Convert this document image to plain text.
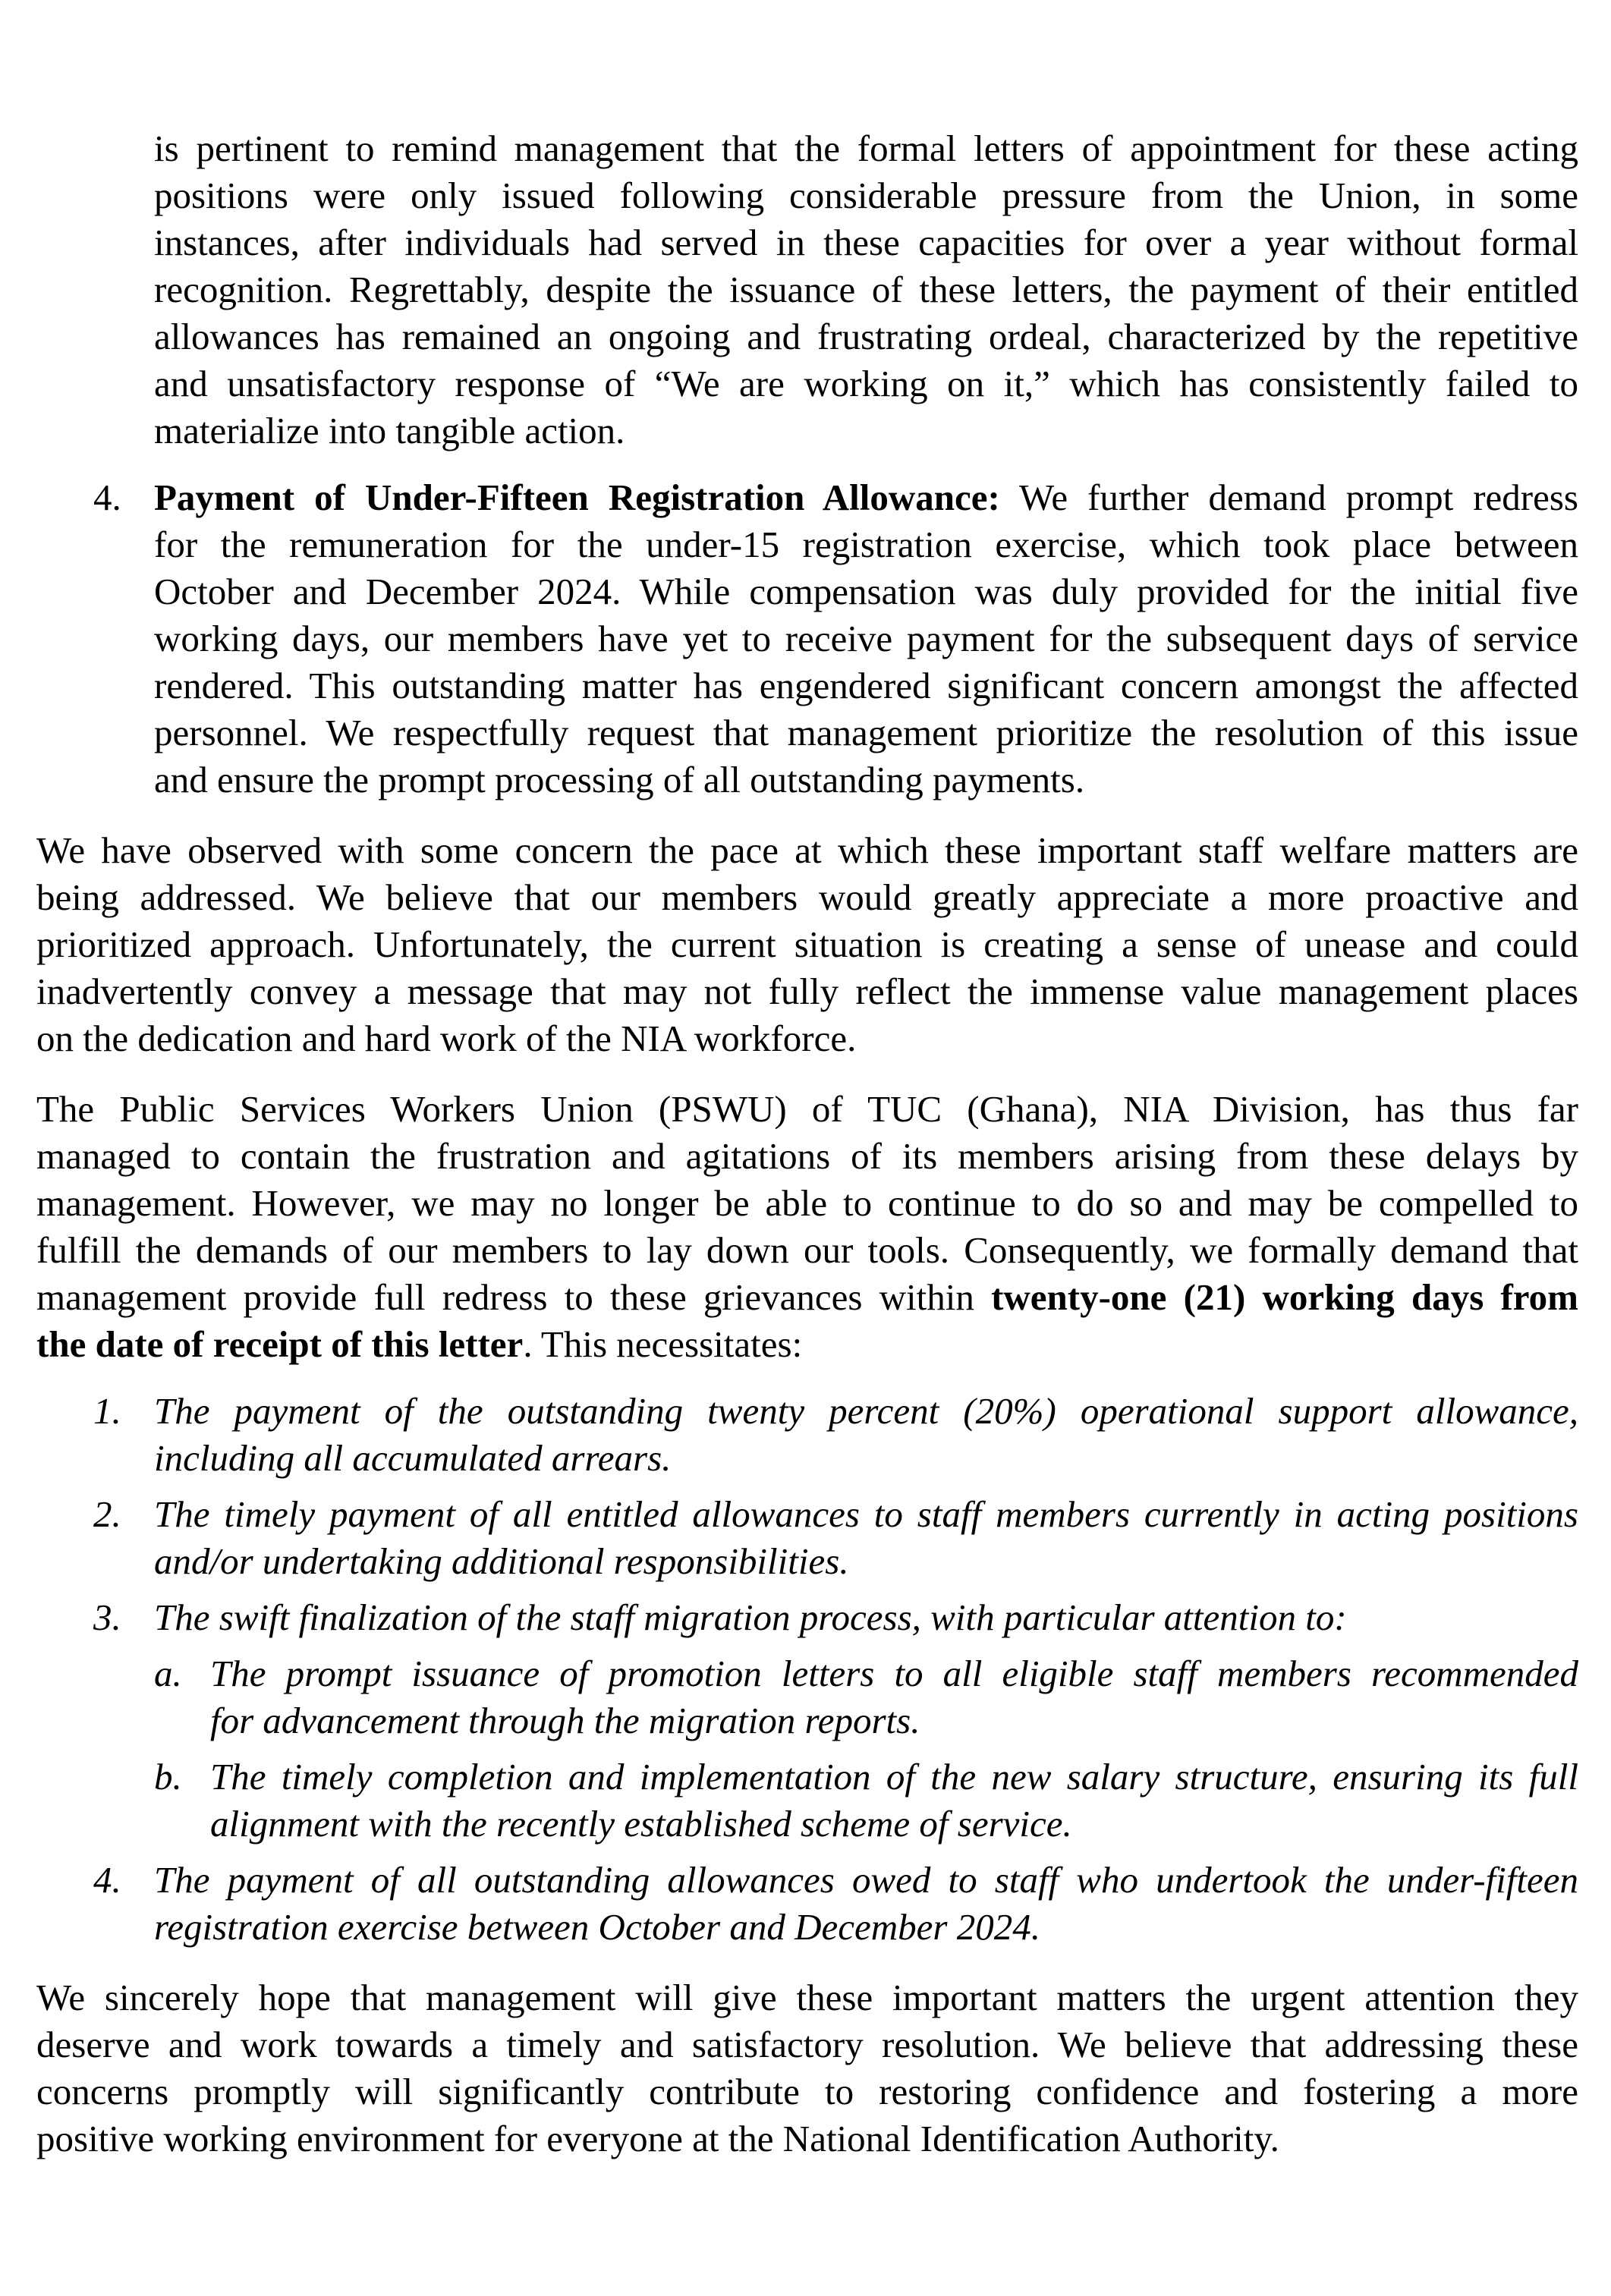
is pertinent to remind management that the formal letters of appointment for these acting
positions were only issued following considerable pressure from the Union, in some
instances, after individuals had served in these capacities for over a year without formal
recognition. Regrettably, despite the issuance of these letters, the payment of their entitled
allowances has remained an ongoing and frustrating ordeal, characterized by the repetitive
and unsatisfactory response of “We are working on it,” which has consistently failed to
materialize into tangible action.
4. Payment of Under-Fifteen Registration Allowance: We further demand prompt redress
for the remuneration for the under-15 registration exercise, which took place between
October and December 2024. While compensation was duly provided for the initial five
working days, our members have yet to receive payment for the subsequent days of service
rendered. This outstanding matter has engendered significant concern amongst the affected
personnel. We respectfully request that management prioritize the resolution of this issue
and ensure the prompt processing of all outstanding payments.
We have observed with some concern the pace at which these important staff welfare matters are
being addressed. We believe that our members would greatly appreciate a more proactive and
prioritized approach. Unfortunately, the current situation is creating a sense of unease and could
inadvertently convey a message that may not fully reflect the immense value management places
on the dedication and hard work of the NIA workforce.
The Public Services Workers Union (PSWU) of TUC (Ghana), NIA Division, has thus far
managed to contain the frustration and agitations of its members arising from these delays by
management. However, we may no longer be able to continue to do so and may be compelled to
fulfill the demands of our members to lay down our tools. Consequently, we formally demand that
management provide full redress to these grievances within twenty-one (21) working days from
the date of receipt of this letter. This necessitates:
1. The payment of the outstanding twenty percent (20%) operational support allowance,
including all accumulated arrears.
2. The timely payment of all entitled allowances to staff members currently in acting positions
and/or undertaking additional responsibilities.
3. The swift finalization of the staff migration process, with particular attention to:
a. The prompt issuance of promotion letters to all eligible staff members recommended
for advancement through the migration reports.
b. The timely completion and implementation of the new salary structure, ensuring its full
alignment with the recently established scheme of service.
4. The payment of all outstanding allowances owed to staff who undertook the under-fifteen
registration exercise between October and December 2024.
We sincerely hope that management will give these important matters the urgent attention they
deserve and work towards a timely and satisfactory resolution. We believe that addressing these
concerns promptly will significantly contribute to restoring confidence and fostering a more
positive working environment for everyone at the National Identification Authority.
